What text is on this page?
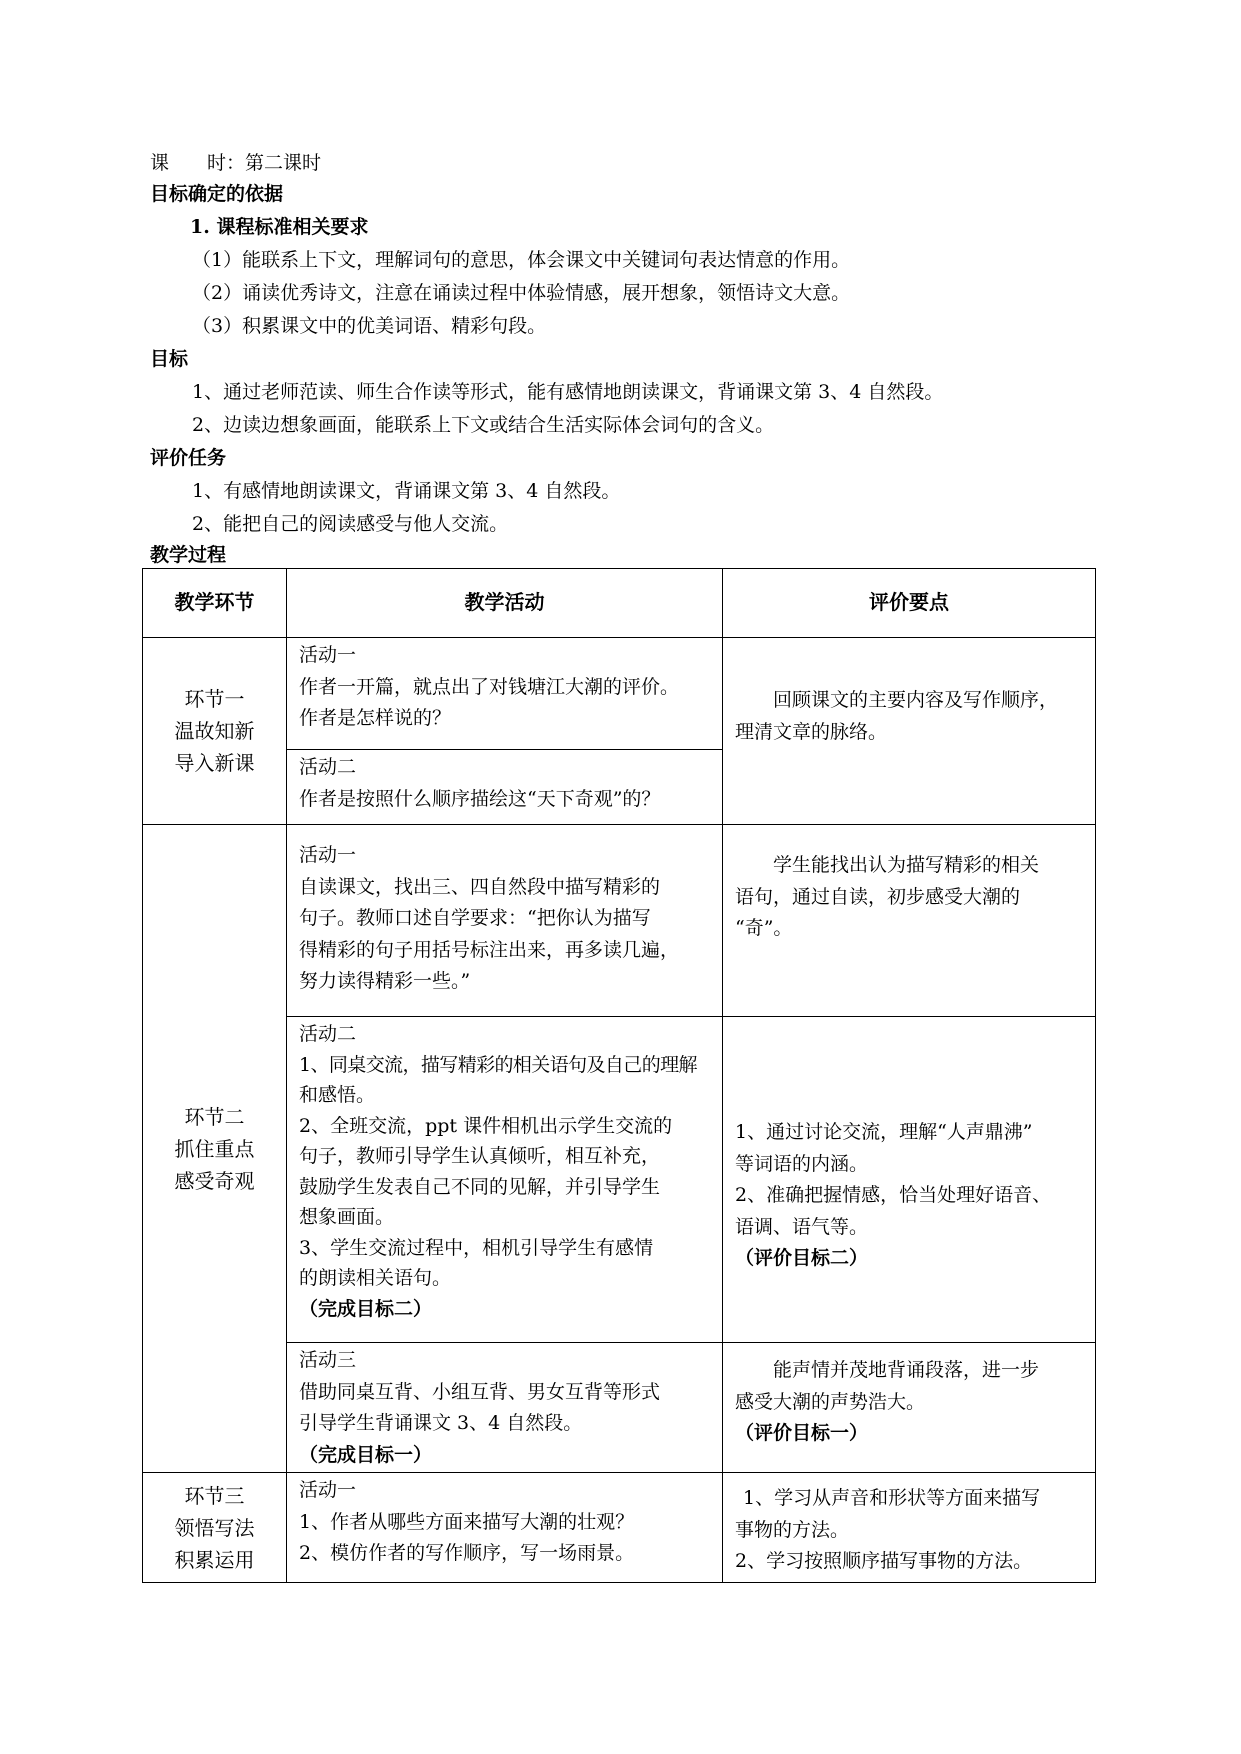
课　　时：第二课时
目标确定的依据
1. 课程标准相关要求
（1）能联系上下文，理解词句的意思，体会课文中关键词句表达情意的作用。
（2）诵读优秀诗文，注意在诵读过程中体验情感，展开想象，领悟诗文大意。
（3）积累课文中的优美词语、精彩句段。
目标
1、通过老师范读、师生合作读等形式，能有感情地朗读课文，背诵课文第 3、4 自然段。
2、边读边想象画面，能联系上下文或结合生活实际体会词句的含义。
评价任务
1、有感情地朗读课文，背诵课文第 3、4 自然段。
2、能把自己的阅读感受与他人交流。
教学过程
教学环节	教学活动	评价要点

环节一

温故知新

导入新课

活动一

作者一开篇，就点出了对钱塘江大潮的评价。

作者是怎样说的？

活动二

作者是按照什么顺序描绘这“天下奇观”的？

回顾课文的主要内容及写作顺序，

理清文章的脉络。

环节二

抓住重点

感受奇观

活动一

自读课文，找出三、四自然段中描写精彩的

句子。教师口述自学要求：“把你认为描写

得精彩的句子用括号标注出来，再多读几遍，

努力读得精彩一些。”

学生能找出认为描写精彩的相关

语句，通过自读，初步感受大潮的

“奇”。

活动二

1、同桌交流，描写精彩的相关语句及自己的理解

和感悟。

2、全班交流，ppt 课件相机出示学生交流的

句子，教师引导学生认真倾听，相互补充，

鼓励学生发表自己不同的见解，并引导学生

想象画面。

3、学生交流过程中，相机引导学生有感情

的朗读相关语句。

（完成目标二）

1、通过讨论交流，理解“人声鼎沸”

等词语的内涵。

2、准确把握情感，恰当处理好语音、

语调、语气等。

（评价目标二）

活动三

借助同桌互背、小组互背、男女互背等形式

引导学生背诵课文 3、4 自然段。

（完成目标一）

能声情并茂地背诵段落，进一步

感受大潮的声势浩大。

（评价目标一）

环节三

领悟写法

积累运用

活动一

1、作者从哪些方面来描写大潮的壮观？

2、模仿作者的写作顺序，写一场雨景。

1、学习从声音和形状等方面来描写

事物的方法。

2、学习按照顺序描写事物的方法。
